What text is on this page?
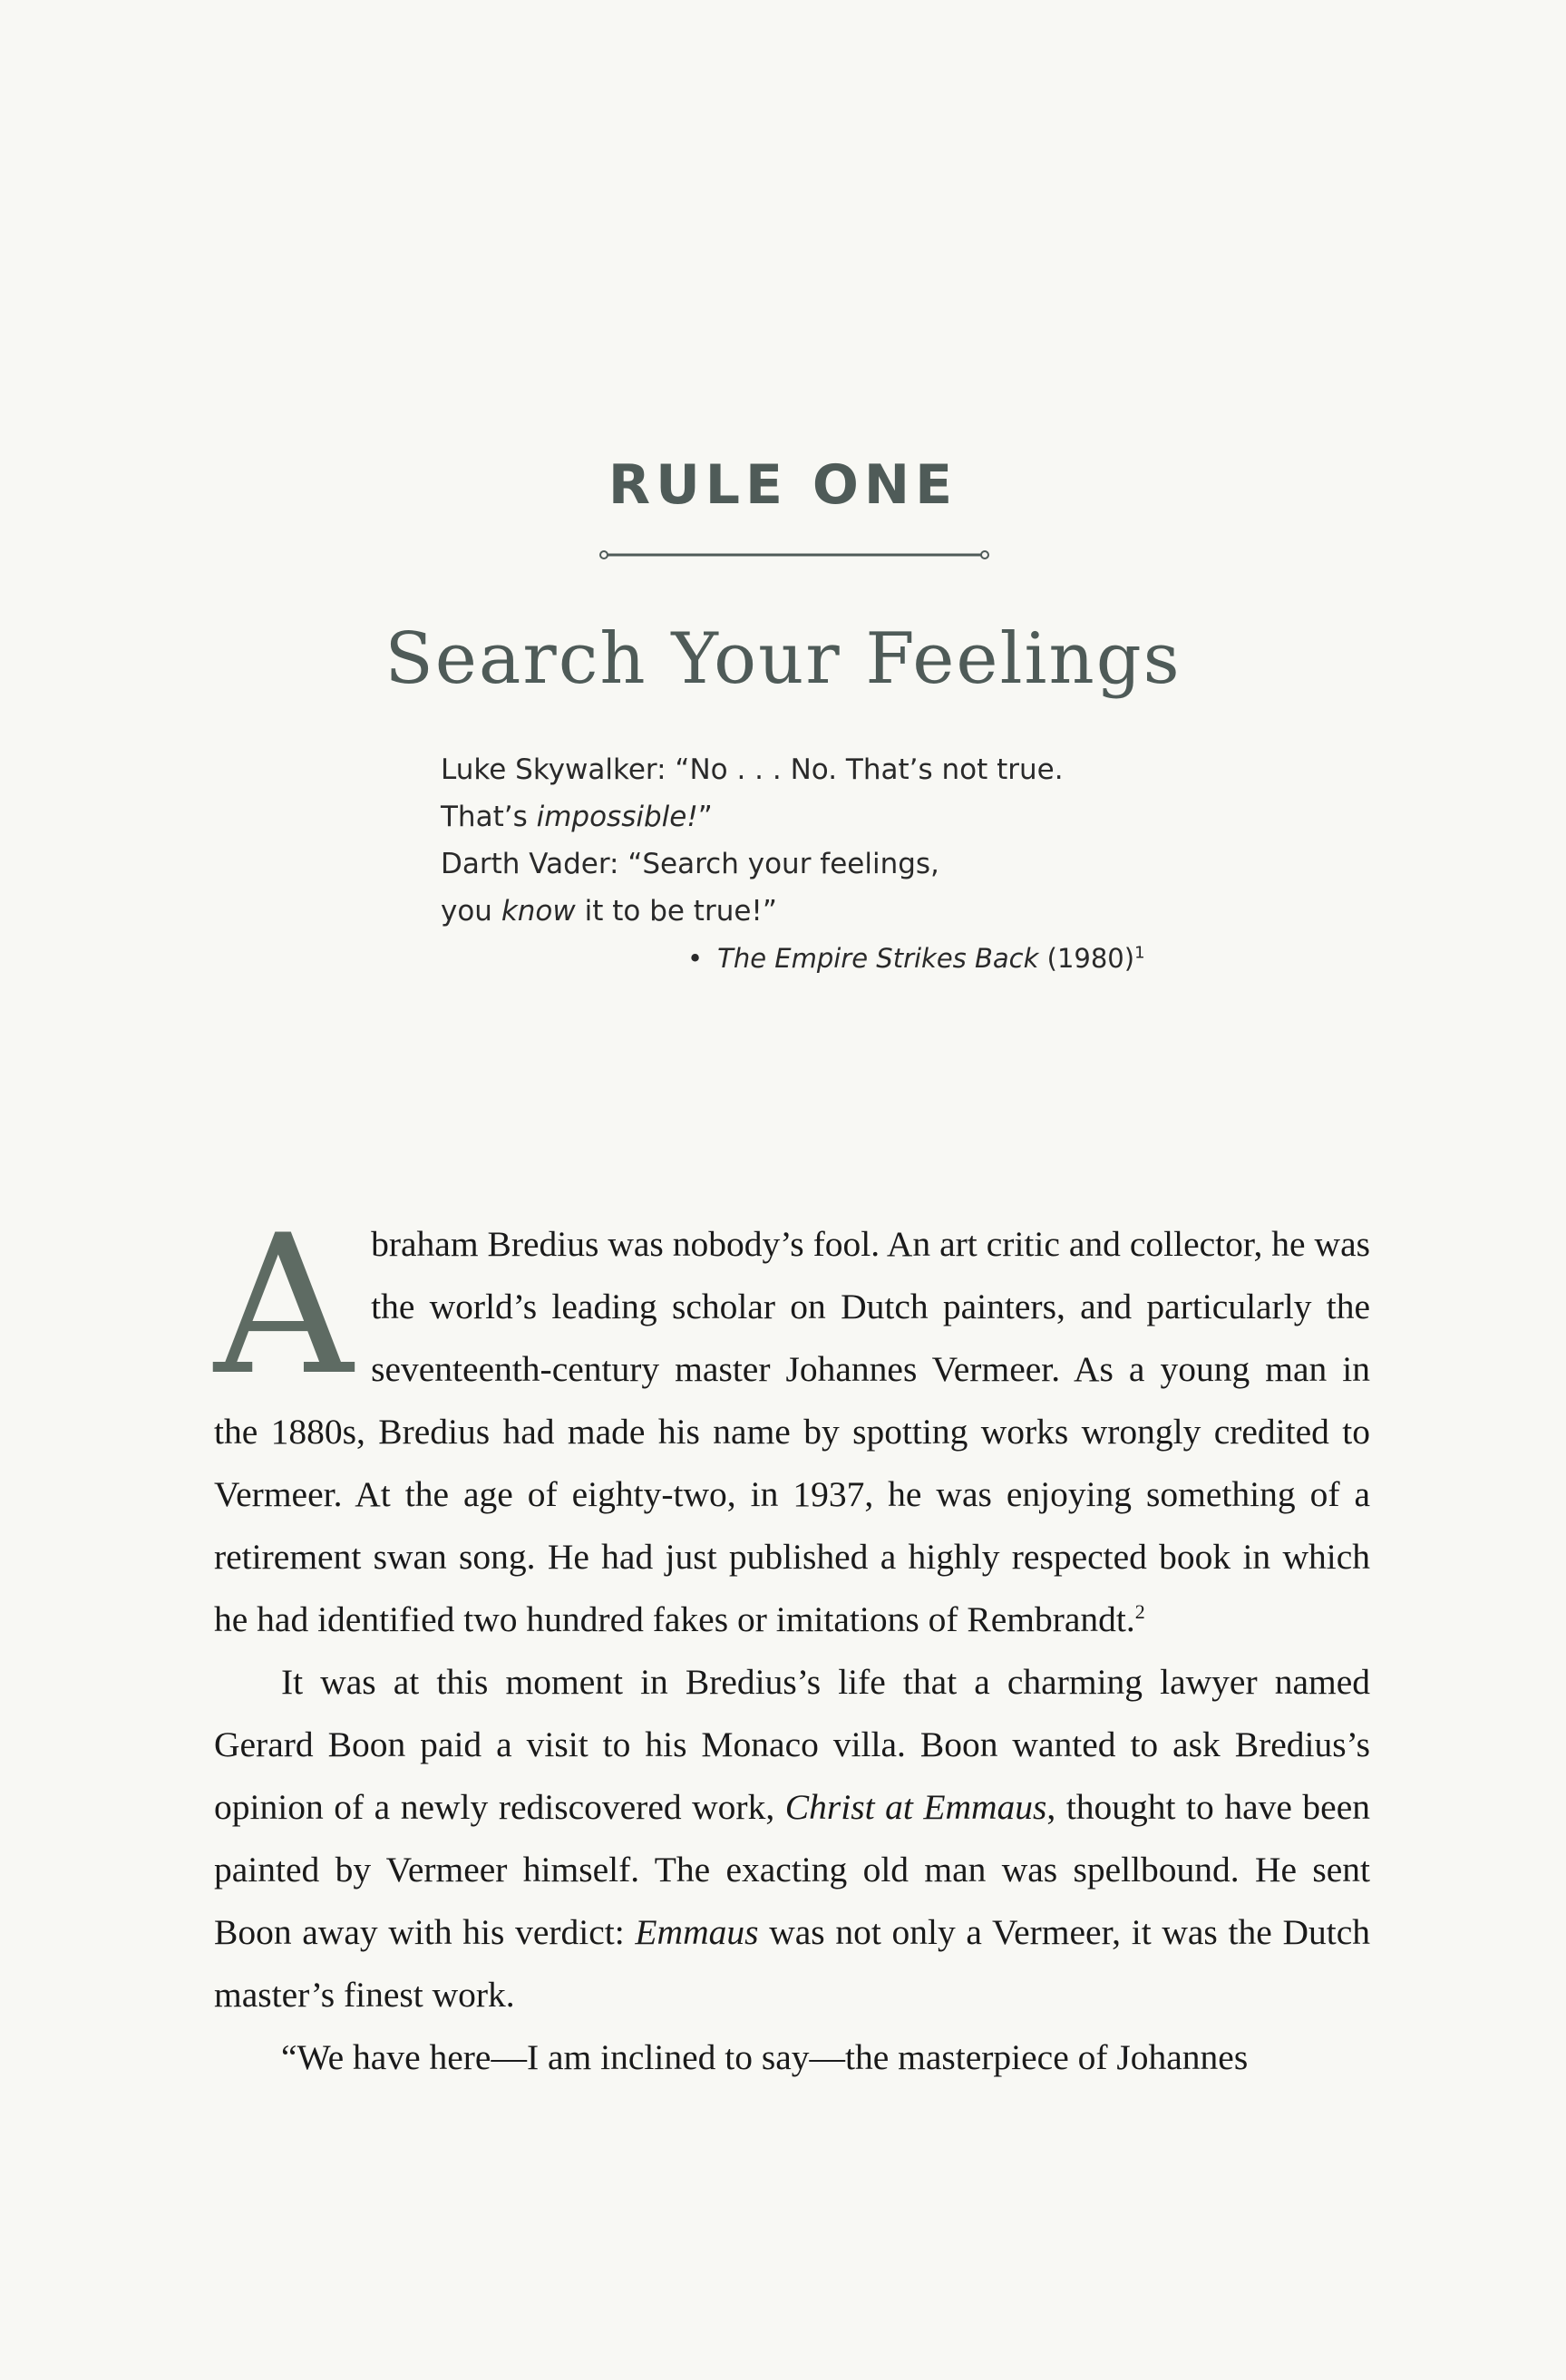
RULE ONE
Search Your Feelings
Luke Skywalker: “No . . . No. That’s not true.
That’s impossible!”
Darth Vader: “Search your feelings,
you know it to be true!”
• The Empire Strikes Back $(1980)^1$

Abraham Bredius was nobody’s fool. An art critic and collector, he was the world’s leading scholar on Dutch painters, and particularly the seventeenth-century master Johannes Vermeer. As a young man in the 1880s, Bredius had made his name by spotting works wrongly credited to Vermeer. At the age of eighty-two, in 1937, he was enjoying something of a retirement swan song. He had just published a highly respected book in which he had identified two hundred fakes or imitations of Rembrandt.$^2$

It was at this moment in Bredius’s life that a charming lawyer named Gerard Boon paid a visit to his Monaco villa. Boon wanted to ask Bredius’s opinion of a newly rediscovered work, Christ at Emmaus, thought to have been painted by Vermeer himself. The exacting old man was spellbound. He sent Boon away with his verdict: Emmaus was not only a Vermeer, it was the Dutch master’s finest work.

“We have here—I am inclined to say—the masterpiece of Johannes
